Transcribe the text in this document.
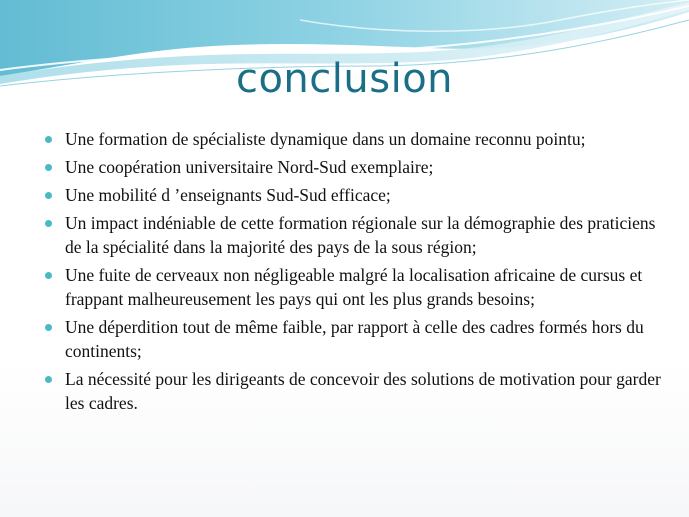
conclusion
Une formation de spécialiste dynamique dans un domaine reconnu pointu;
Une coopération universitaire Nord-Sud exemplaire;
Une mobilité d ’enseignants Sud-Sud efficace;
Un impact indéniable de cette formation régionale sur la démographie des praticiens de la spécialité dans la majorité des pays de la sous région;
Une fuite de cerveaux non négligeable malgré la localisation africaine de cursus et frappant malheureusement les pays qui ont les plus grands besoins;
Une déperdition tout de même faible, par rapport à celle des cadres formés hors du continents;
La nécessité pour les dirigeants de concevoir des solutions de motivation pour garder les cadres.
